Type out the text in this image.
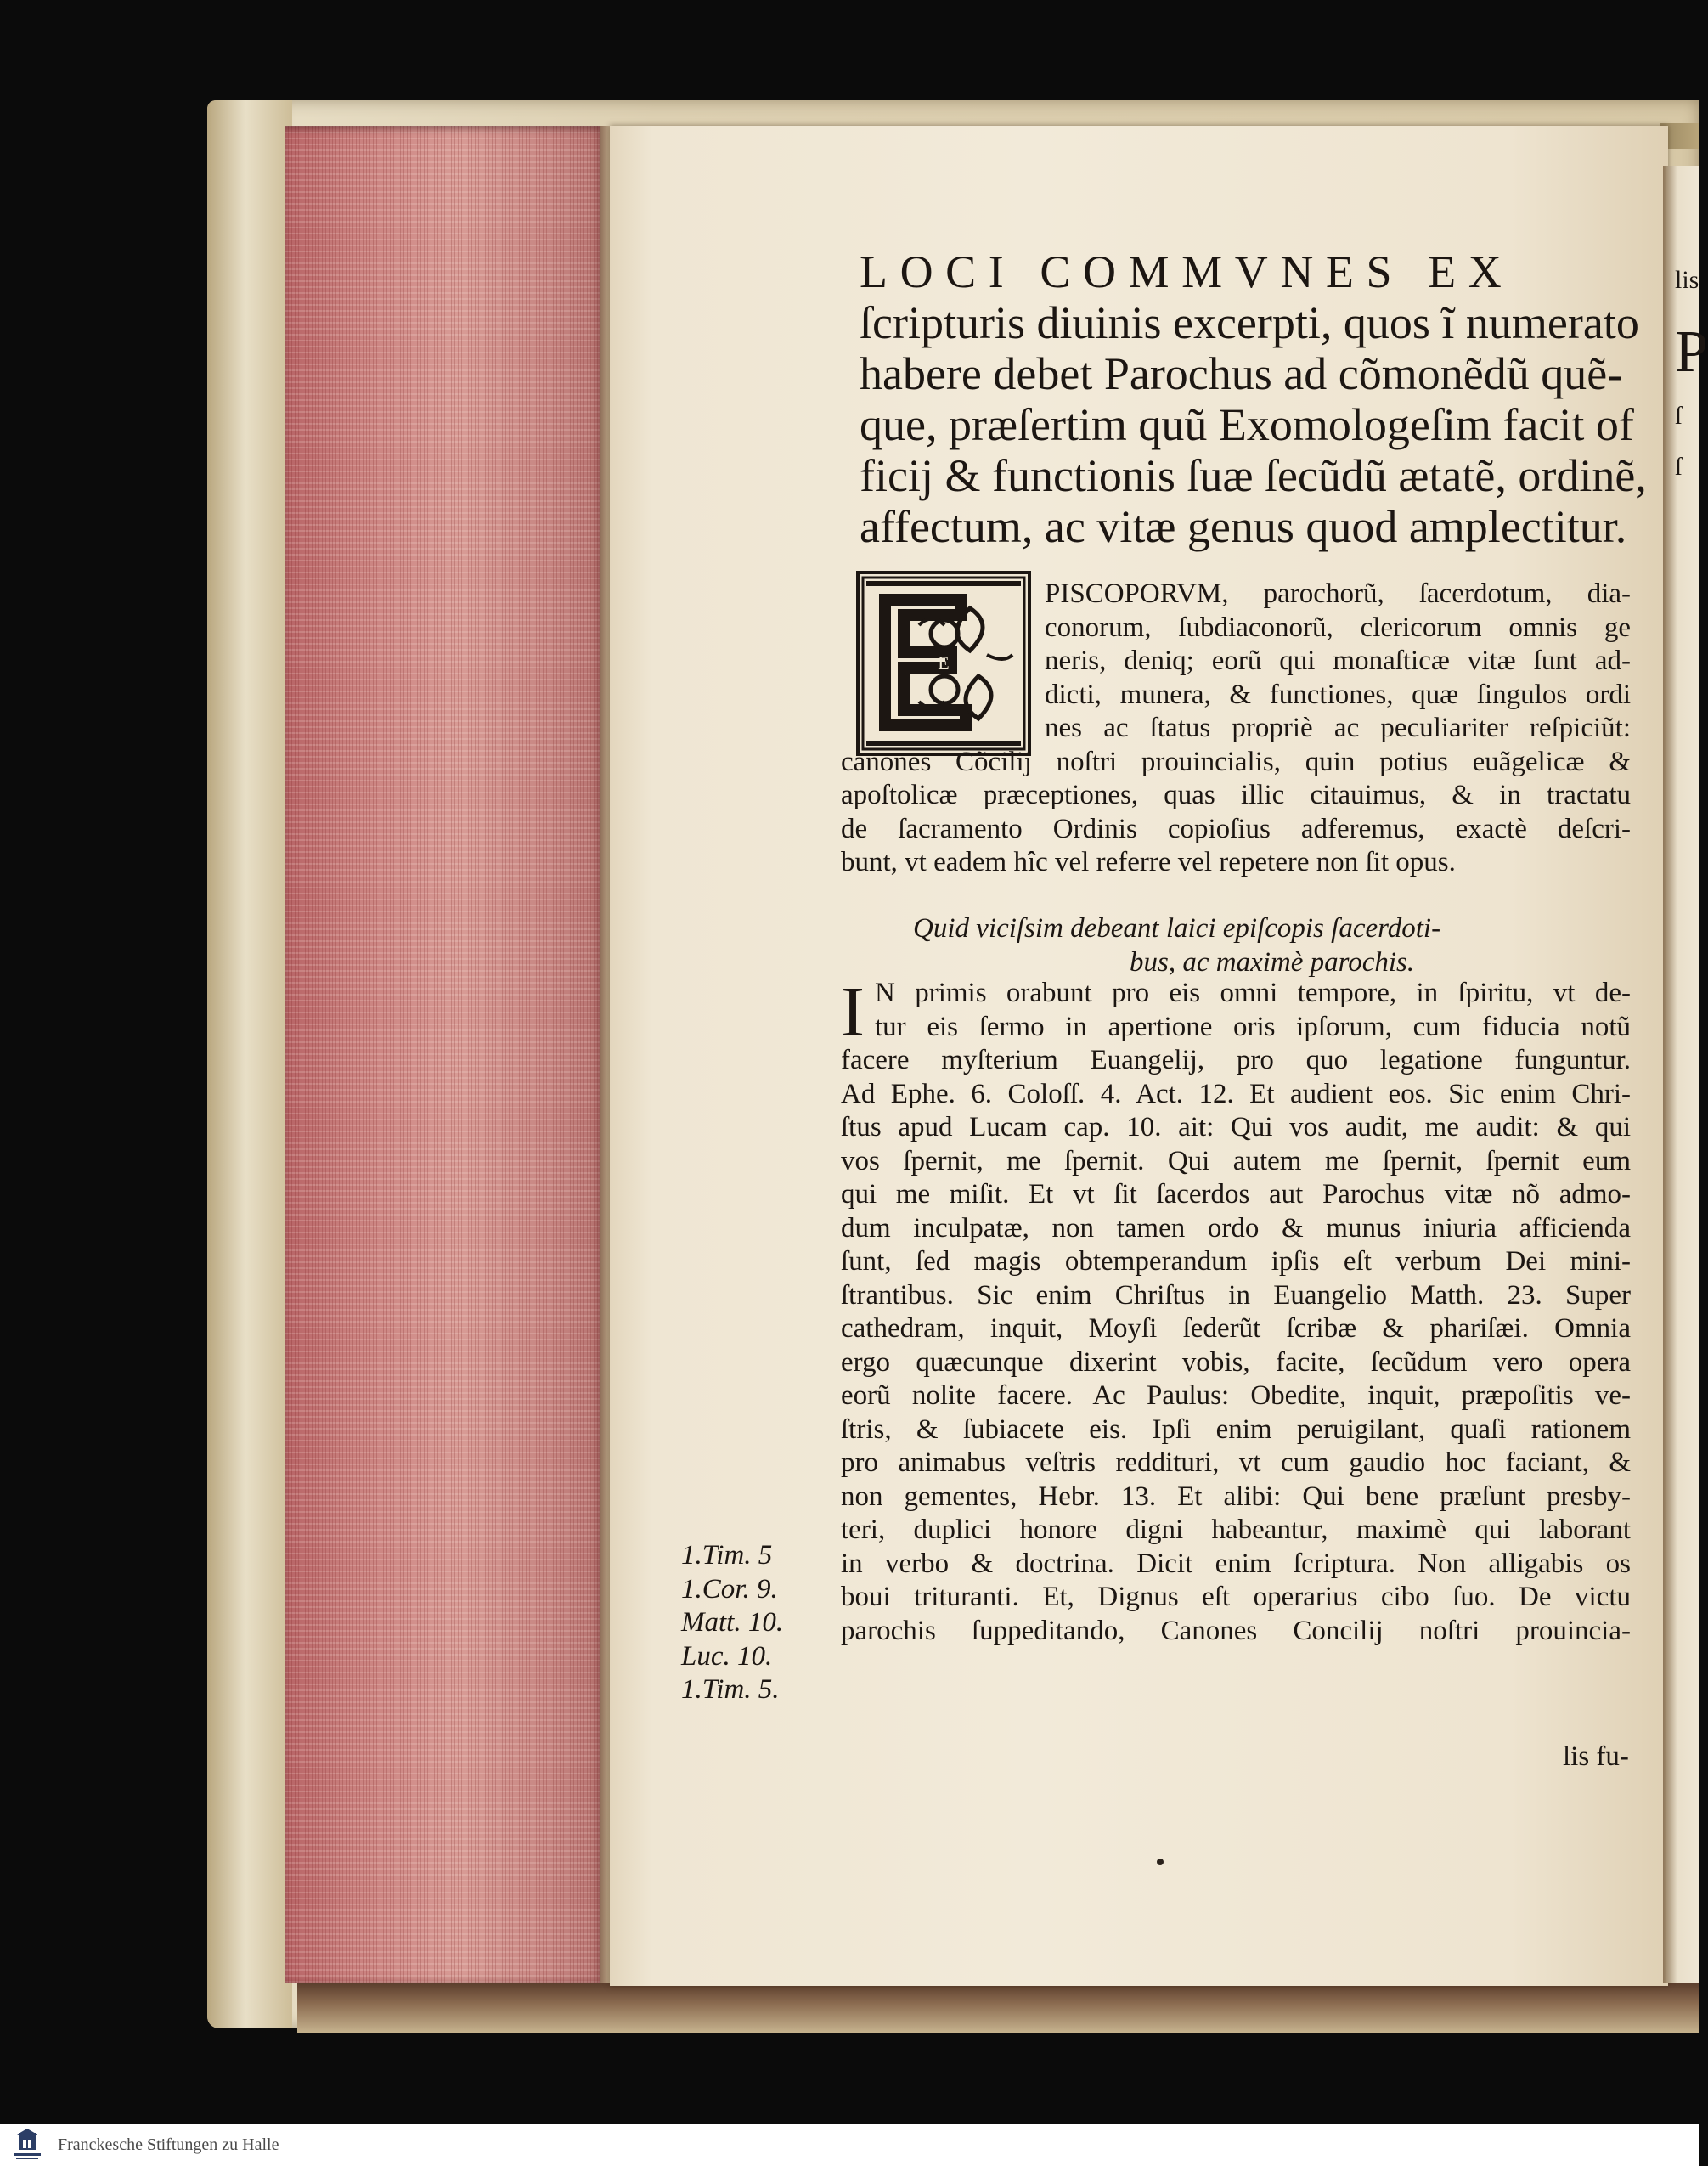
lis
P
ſ
ſ
LOCI COMMVNES EX
ſcripturis diuinis excerpti, quos ĩ numerato
habere debet Parochus ad cõmonẽdũ quẽ-
que, præſertim quũ Exomologeſim facit of
ficij & functionis ſuæ ſecũdũ ætatẽ, ordinẽ,
affectum, ac vitæ genus quod amplectitur.
E
PISCOPORVM, parochorũ, ſacerdotum, dia-
conorum, ſubdiaconorũ, clericorum omnis ge
neris, deniq; eorũ qui monaſticæ vitæ ſunt ad-
dicti, munera, & functiones, quæ ſingulos ordi
nes ac ſtatus propriè ac peculiariter reſpiciũt:
canones Cõcilij noſtri prouincialis, quin potius euãgelicæ &
apoſtolicæ præceptiones, quas illic citauimus, & in tractatu
de ſacramento Ordinis copioſius adferemus, exactè deſcri-
bunt, vt eadem hîc vel referre vel repetere non ſit opus.
Quid viciſsim debeant laici epiſcopis ſacerdoti-
bus, ac maximè parochis.
I N primis orabunt pro eis omni tempore, in ſpiritu, vt de-
tur eis ſermo in apertione oris ipſorum, cum fiducia notũ
facere myſterium Euangelij, pro quo legatione funguntur.
Ad Ephe. 6. Coloſſ. 4. Act. 12. Et audient eos. Sic enim Chri-
ſtus apud Lucam cap. 10. ait: Qui vos audit, me audit: & qui
vos ſpernit, me ſpernit. Qui autem me ſpernit, ſpernit eum
qui me miſit. Et vt ſit ſacerdos aut Parochus vitæ nõ admo-
dum inculpatæ, non tamen ordo & munus iniuria afficienda
ſunt, ſed magis obtemperandum ipſis eſt verbum Dei mini-
ſtrantibus. Sic enim Chriſtus in Euangelio Matth. 23. Super
cathedram, inquit, Moyſi ſederũt ſcribæ & phariſæi. Omnia
ergo quæcunque dixerint vobis, facite, ſecũdum vero opera
eorũ nolite facere. Ac Paulus: Obedite, inquit, præpoſitis ve-
ſtris, & ſubiacete eis. Ipſi enim peruigilant, quaſi rationem
pro animabus veſtris reddituri, vt cum gaudio hoc faciant, &
non gementes, Hebr. 13. Et alibi: Qui bene præſunt presby-
teri, duplici honore digni habeantur, maximè qui laborant
in verbo & doctrina. Dicit enim ſcriptura. Non alligabis os
boui trituranti. Et, Dignus eſt operarius cibo ſuo. De victu
parochis ſuppeditando, Canones Concilij noſtri prouincia-
lis fu-
1.Tim. 5
1.Cor. 9.
Matt. 10.
Luc. 10.
1.Tim. 5.
Franckesche Stiftungen zu Halle
